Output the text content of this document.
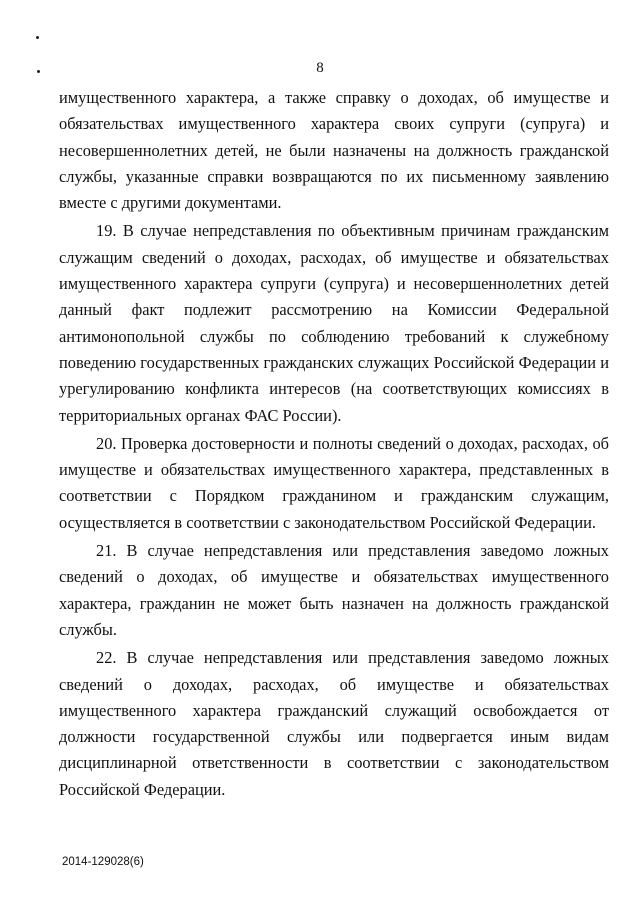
8

имущественного характера, а также справку о доходах, об имуществе и обязательствах имущественного характера своих супруги (супруга) и несовершеннолетних детей, не были назначены на должность гражданской службы, указанные справки возвращаются по их письменному заявлению вместе с другими документами.

19. В случае непредставления по объективным причинам гражданским служащим сведений о доходах, расходах, об имуществе и обязательствах имущественного характера супруги (супруга) и несовершеннолетних детей данный факт подлежит рассмотрению на Комиссии Федеральной антимонопольной службы по соблюдению требований к служебному поведению государственных гражданских служащих Российской Федерации и урегулированию конфликта интересов (на соответствующих комиссиях в территориальных органах ФАС России).

20. Проверка достоверности и полноты сведений о доходах, расходах, об имуществе и обязательствах имущественного характера, представленных в соответствии с Порядком гражданином и гражданским служащим, осуществляется в соответствии с законодательством Российской Федерации.

21. В случае непредставления или представления заведомо ложных сведений о доходах, об имуществе и обязательствах имущественного характера, гражданин не может быть назначен на должность гражданской службы.

22. В случае непредставления или представления заведомо ложных сведений о доходах, расходах, об имуществе и обязательствах имущественного характера гражданский служащий освобождается от должности государственной службы или подвергается иным видам дисциплинарной ответственности в соответствии с законодательством Российской Федерации.

2014-129028(6)
